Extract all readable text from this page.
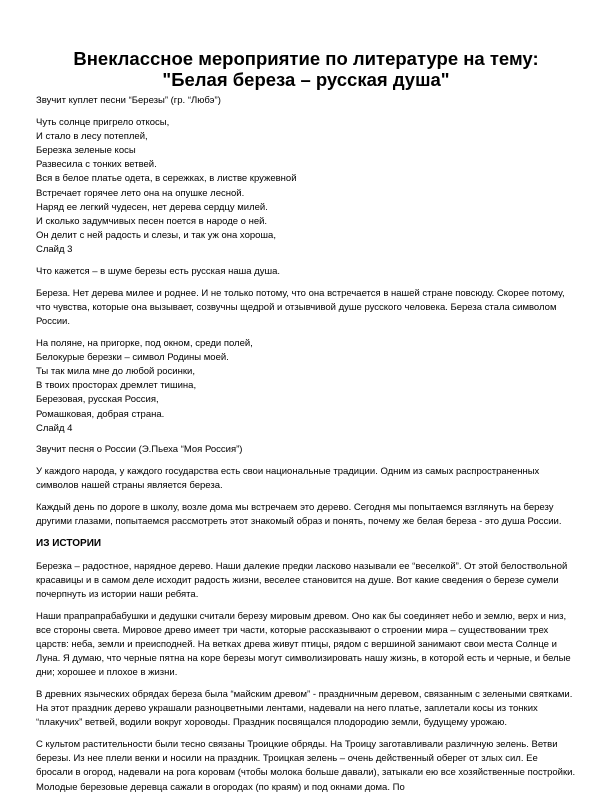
Внеклассное мероприятие по литературе на тему:
"Белая береза – русская душа"

Звучит куплет песни “Березы” (гр. “Любэ”)

Чуть солнце пригрело откосы,
И стало в лесу потеплей,
Березка зеленые косы
Развесила с тонких ветвей.
Вся в белое платье одета, в сережках, в листве кружевной
Встречает горячее лето она на опушке лесной.
Наряд ее легкий чудесен, нет дерева сердцу милей.
И сколько задумчивых песен поется в народе о ней.
Он делит с ней радость и слезы, и так уж она хороша,
Слайд 3

Что кажется – в шуме березы есть русская наша душа.

Береза. Нет дерева милее и роднее. И не только потому, что она встречается в нашей стране повсюду. Скорее потому, что чувства, которые она вызывает, созвучны щедрой и отзывчивой душе русского человека. Береза стала символом России.

На поляне, на пригорке, под окном, среди полей,
Белокурые березки – символ Родины моей.
Ты так мила мне до любой росинки,
В твоих просторах дремлет тишина,
Березовая, русская Россия,
Ромашковая, добрая страна.
Слайд 4

Звучит песня о России (Э.Пьеха “Моя Россия”)

У каждого народа, у каждого государства есть свои национальные традиции. Одним из самых распространенных символов нашей страны является береза.

Каждый день по дороге в школу, возле дома мы встречаем это дерево. Сегодня мы попытаемся взглянуть на березу другими глазами, попытаемся рассмотреть этот знакомый образ и понять, почему же белая береза - это душа России.

ИЗ ИСТОРИИ

Березка – радостное, нарядное дерево. Наши далекие предки ласково называли ее “веселкой”. От этой белоствольной красавицы и в самом деле исходит радость жизни, веселее становится на душе. Вот какие сведения о березе сумели почерпнуть из истории наши ребята.

Наши прапрапрабабушки и дедушки считали березу мировым древом. Оно как бы соединяет небо и землю, верх и низ, все стороны света. Мировое древо имеет три части, которые рассказывают о строении мира – существовании трех царств: неба, земли и преисподней. На ветках древа живут птицы, рядом с вершиной занимают свои места Солнце и Луна. Я думаю, что черные пятна на коре березы могут символизировать нашу жизнь, в которой есть и черные, и белые дни; хорошее и плохое в жизни.

В древних языческих обрядах береза была “майским древом” - праздничным деревом, связанным с зелеными святками. На этот праздник дерево украшали разноцветными лентами, надевали на него платье, заплетали косы из тонких “плакучих” ветвей, водили вокруг хороводы. Праздник посвящался плодородию земли, будущему урожаю.

С культом растительности были тесно связаны Троицкие обряды. На Троицу заготавливали различную зелень. Ветви березы. Из нее плели венки и носили на праздник. Троицкая зелень – очень действенный оберег от злых сил. Ее бросали в огород, надевали на рога коровам (чтобы молока больше давали), затыкали ею все хозяйственные постройки. Молодые березовые деревца сажали в огородах (по краям) и под окнами дома. По
